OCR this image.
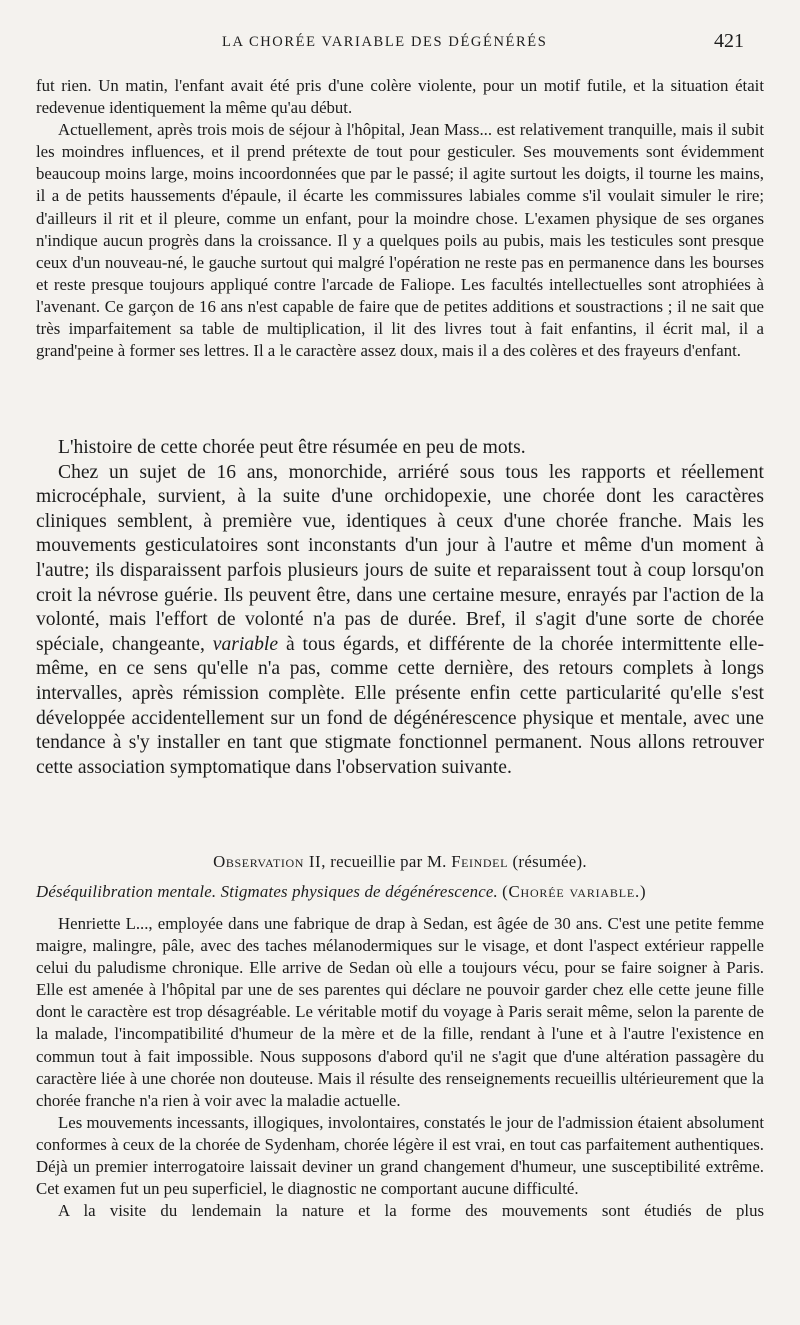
LA CHORÉE VARIABLE DES DÉGÉNÉRÉS	421

fut rien. Un matin, l'enfant avait été pris d'une colère violente, pour un motif futile, et la situation était redevenue identiquement la même qu'au début.

Actuellement, après trois mois de séjour à l'hôpital, Jean Mass... est relativement tranquille, mais il subit les moindres influences, et il prend prétexte de tout pour gesticuler. Ses mouvements sont évidemment beaucoup moins large, moins incoordonnées que par le passé; il agite surtout les doigts, il tourne les mains, il a de petits haussements d'épaule, il écarte les commissures labiales comme s'il voulait simuler le rire; d'ailleurs il rit et il pleure, comme un enfant, pour la moindre chose. L'examen physique de ses organes n'indique aucun progrès dans la croissance. Il y a quelques poils au pubis, mais les testicules sont presque ceux d'un nouveau-né, le gauche surtout qui malgré l'opération ne reste pas en permanence dans les bourses et reste presque toujours appliqué contre l'arcade de Faliope. Les facultés intellectuelles sont atrophiées à l'avenant. Ce garçon de 16 ans n'est capable de faire que de petites additions et soustractions ; il ne sait que très imparfaitement sa table de multiplication, il lit des livres tout à fait enfantins, il écrit mal, il a grand'peine à former ses lettres. Il a le caractère assez doux, mais il a des colères et des frayeurs d'enfant.

L'histoire de cette chorée peut être résumée en peu de mots.

Chez un sujet de 16 ans, monorchide, arriéré sous tous les rapports et réellement microcéphale, survient, à la suite d'une orchidopexie, une chorée dont les caractères cliniques semblent, à première vue, identiques à ceux d'une chorée franche. Mais les mouvements gesticulatoires sont inconstants d'un jour à l'autre et même d'un moment à l'autre; ils disparaissent parfois plusieurs jours de suite et reparaissent tout à coup lorsqu'on croit la névrose guérie. Ils peuvent être, dans une certaine mesure, enrayés par l'action de la volonté, mais l'effort de volonté n'a pas de durée. Bref, il s'agit d'une sorte de chorée spéciale, changeante, variable à tous égards, et différente de la chorée intermittente elle-même, en ce sens qu'elle n'a pas, comme cette dernière, des retours complets à longs intervalles, après rémission complète. Elle présente enfin cette particularité qu'elle s'est développée accidentellement sur un fond de dégénérescence physique et mentale, avec une tendance à s'y installer en tant que stigmate fonctionnel permanent. Nous allons retrouver cette association symptomatique dans l'observation suivante.

Observation II, recueillie par M. Feindel (résumée).
Déséquilibration mentale. Stigmates physiques de dégénérescence. (Chorée variable.)

Henriette L..., employée dans une fabrique de drap à Sedan, est âgée de 30 ans. C'est une petite femme maigre, malingre, pâle, avec des taches mélanodermiques sur le visage, et dont l'aspect extérieur rappelle celui du paludisme chronique. Elle arrive de Sedan où elle a toujours vécu, pour se faire soigner à Paris. Elle est amenée à l'hôpital par une de ses parentes qui déclare ne pouvoir garder chez elle cette jeune fille dont le caractère est trop désagréable. Le véritable motif du voyage à Paris serait même, selon la parente de la malade, l'incompatibilité d'humeur de la mère et de la fille, rendant à l'une et à l'autre l'existence en commun tout à fait impossible. Nous supposons d'abord qu'il ne s'agit que d'une altération passagère du caractère liée à une chorée non douteuse. Mais il résulte des renseignements recueillis ultérieurement que la chorée franche n'a rien à voir avec la maladie actuelle.

Les mouvements incessants, illogiques, involontaires, constatés le jour de l'admission étaient absolument conformes à ceux de la chorée de Sydenham, chorée légère il est vrai, en tout cas parfaitement authentiques. Déjà un premier interrogatoire laissait deviner un grand changement d'humeur, une susceptibilité extrême. Cet examen fut un peu superficiel, le diagnostic ne comportant aucune difficulté.

A la visite du lendemain la nature et la forme des mouvements sont étudiés de plus
